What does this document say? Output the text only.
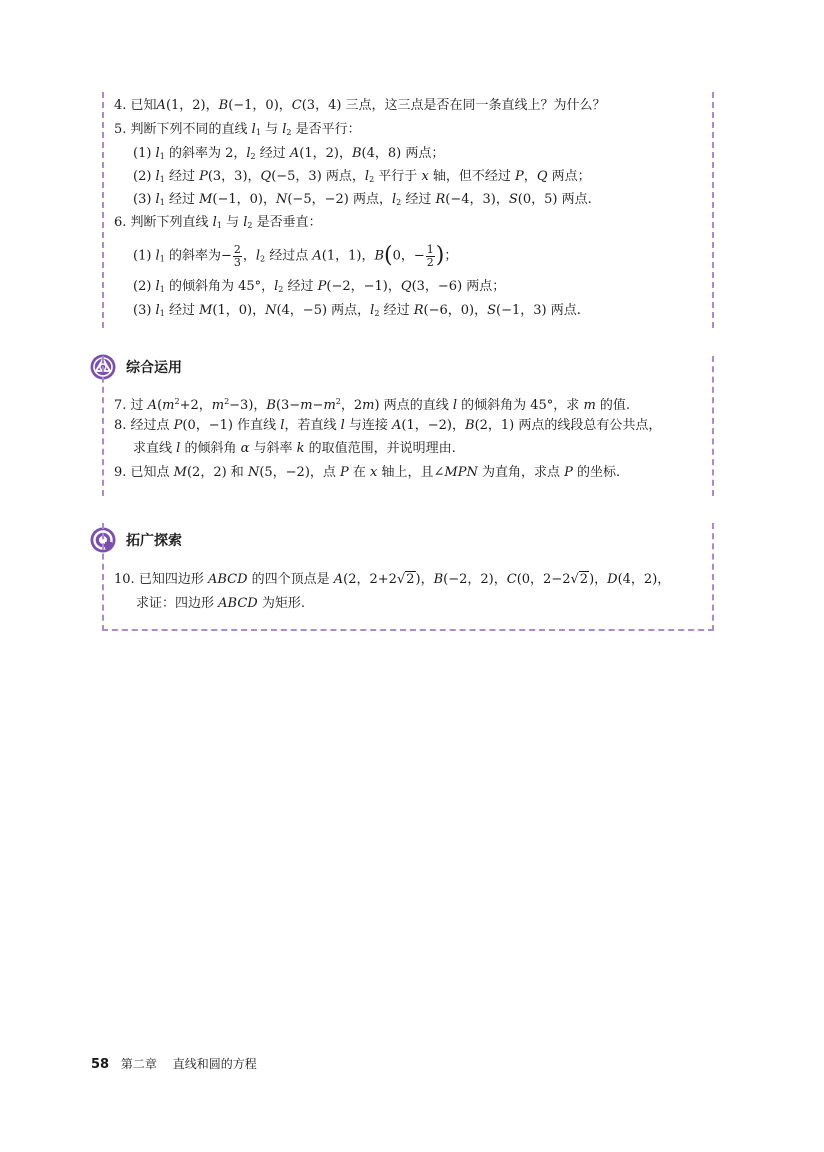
4. 已知A(1，2)，B(−1，0)，C(3，4) 三点，这三点是否在同一条直线上？为什么？
5. 判断下列不同的直线 $l_1$ 与 $l_2$ 是否平行：
(1) $l_1$ 的斜率为 2，$l_2$ 经过 A(1，2)，B(4，8) 两点；
(2) $l_1$ 经过 P(3，3)，Q(−5，3) 两点，$l_2$ 平行于 x 轴，但不经过 P，Q 两点；
(3) $l_1$ 经过 M(−1，0)，N(−5，−2) 两点，$l_2$ 经过 R(−4，3)，S(0，5) 两点.
6. 判断下列直线 $l_1$ 与 $l_2$ 是否垂直：
(1) $l_1$ 的斜率为− $\frac{2}{3}$ ，$l_2$ 经过点 A(1，1)，B(0，− $\frac{1}{2}$ )；
(2) $l_1$ 的倾斜角为 45°，$l_2$ 经过 P(−2，−1)，Q(3，−6) 两点；
(3) $l_1$ 经过 M(1，0)，N(4，−5) 两点，$l_2$ 经过 R(−6，0)，S(−1，3) 两点.
综合运用
7. 过 $A(m^2+2$，$m^2-3$)，$B(3-m-m^2$，2m) 两点的直线 l 的倾斜角为 45°，求 m 的值.
8. 经过点 P(0，−1) 作直线 l，若直线 l 与连接 A(1，−2)，B(2，1) 两点的线段总有公共点，
求直线 l 的倾斜角 α 与斜率 k 的取值范围，并说明理由.
9. 已知点 M(2，2) 和 N(5，−2)，点 P 在 x 轴上，且∠MPN 为直角，求点 P 的坐标.
拓广探索
10. 已知四边形 ABCD 的四个顶点是 A(2，2+2√2)，B(−2，2)，C(0，2−2√2)，D(4，2)，
求证：四边形 ABCD 为矩形.
58 第二章 直线和圆的方程
